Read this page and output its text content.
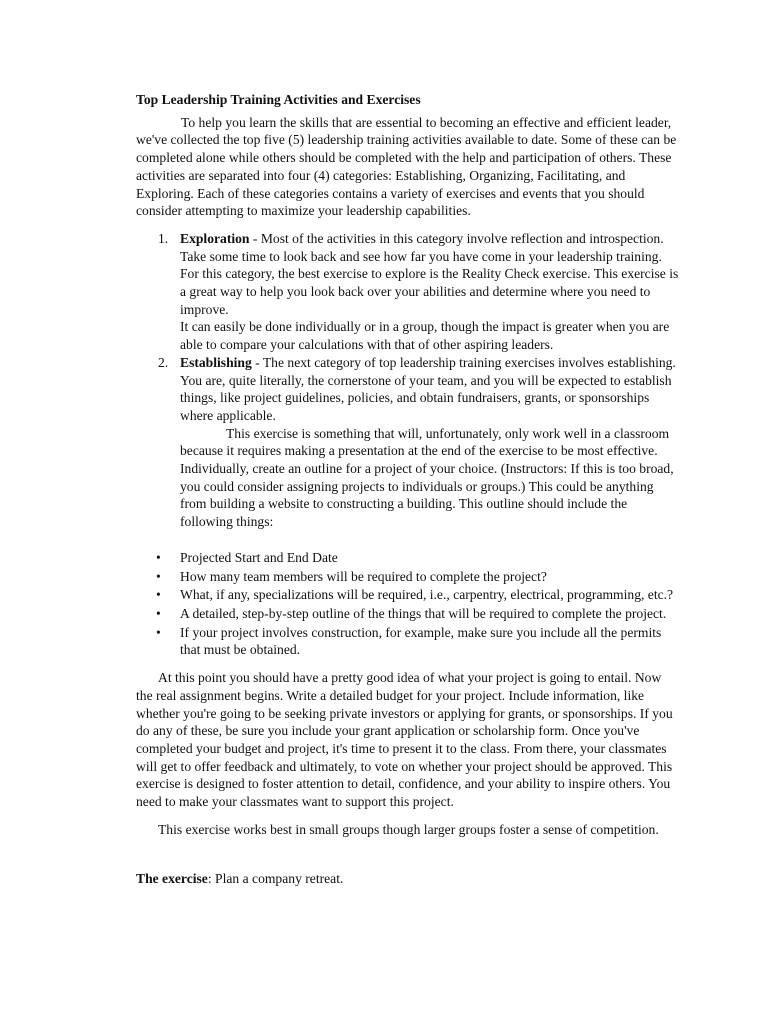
Top Leadership Training Activities and Exercises

To help you learn the skills that are essential to becoming an effective and efficient leader, we've collected the top five (5) leadership training activities available to date. Some of these can be completed alone while others should be completed with the help and participation of others. These activities are separated into four (4) categories: Establishing, Organizing, Facilitating, and Exploring. Each of these categories contains a variety of exercises and events that you should consider attempting to maximize your leadership capabilities.

1. Exploration - Most of the activities in this category involve reflection and introspection. Take some time to look back and see how far you have come in your leadership training. For this category, the best exercise to explore is the Reality Check exercise. This exercise is a great way to help you look back over your abilities and determine where you need to improve.

It can easily be done individually or in a group, though the impact is greater when you are able to compare your calculations with that of other aspiring leaders.

2. Establishing - The next category of top leadership training exercises involves establishing. You are, quite literally, the cornerstone of your team, and you will be expected to establish things, like project guidelines, policies, and obtain fundraisers, grants, or sponsorships where applicable.

This exercise is something that will, unfortunately, only work well in a classroom because it requires making a presentation at the end of the exercise to be most effective. Individually, create an outline for a project of your choice. (Instructors: If this is too broad, you could consider assigning projects to individuals or groups.) This could be anything from building a website to constructing a building. This outline should include the following things:

• Projected Start and End Date
• How many team members will be required to complete the project?
• What, if any, specializations will be required, i.e., carpentry, electrical, programming, etc.?
• A detailed, step-by-step outline of the things that will be required to complete the project.
• If your project involves construction, for example, make sure you include all the permits that must be obtained.

At this point you should have a pretty good idea of what your project is going to entail. Now the real assignment begins. Write a detailed budget for your project. Include information, like whether you're going to be seeking private investors or applying for grants, or sponsorships. If you do any of these, be sure you include your grant application or scholarship form. Once you've completed your budget and project, it's time to present it to the class. From there, your classmates will get to offer feedback and ultimately, to vote on whether your project should be approved. This exercise is designed to foster attention to detail, confidence, and your ability to inspire others. You need to make your classmates want to support this project.

This exercise works best in small groups though larger groups foster a sense of competition.

The exercise: Plan a company retreat.
